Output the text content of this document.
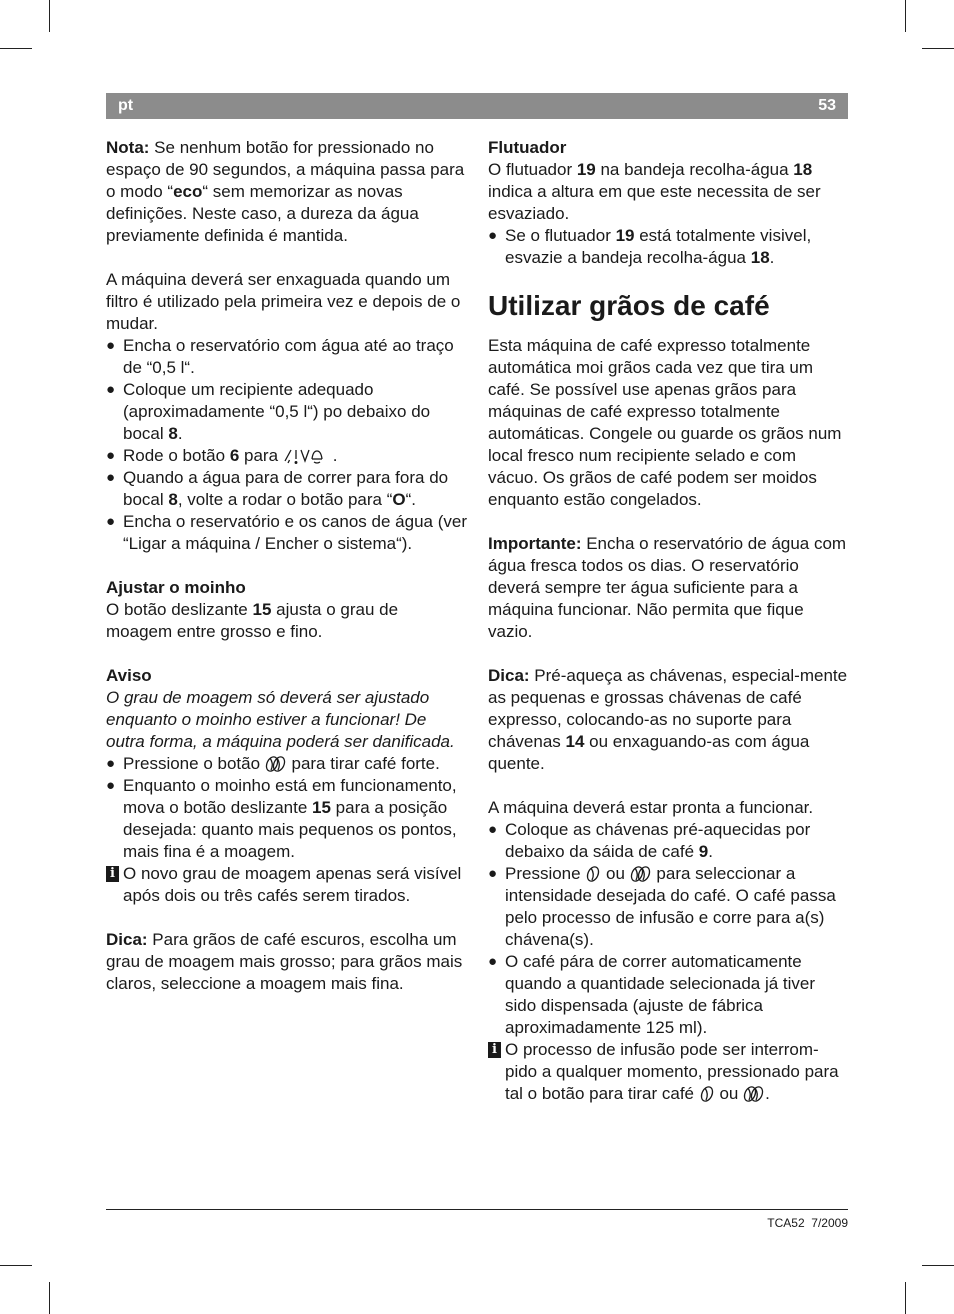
pt	53

Nota: Se nenhum botão for pressionado no espaço de 90 segundos, a máquina passa para o modo “eco“ sem memorizar as novas definições. Neste caso, a dureza da água previamente definida é mantida.

A máquina deverá ser enxaguada quando um filtro é utilizado pela primeira vez e depois de o mudar.

● Encha o reservatório com água até ao traço de “0,5 l“.

● Coloque um recipiente adequado (aproximadamente “0,5 l“) po debaixo do bocal 8.

● Rode o botão 6 para	.

● Quando a água para de correr para fora do bocal 8, volte a rodar o botão para “O“.

● Encha o reservatório e os canos de água (ver “Ligar a máquina / Encher o sistema“).

Ajustar o moinho

O botão deslizante 15 ajusta o grau de moagem entre grosso e fino.

Aviso

O grau de moagem só deverá ser ajustado enquanto o moinho estiver a funcionar! De outra forma, a máquina poderá ser danificada.

● Pressione o botão  para tirar café forte.

● Enquanto o moinho está em funcionamento, mova o botão deslizante 15 para a posição desejada: quanto mais pequenos os pontos, mais fina é a moagem.

i O novo grau de moagem apenas será visível após dois ou três cafés serem tirados.

Dica: Para grãos de café escuros, escolha um grau de moagem mais grosso; para grãos mais claros, seleccione a moagem mais fina.

Flutuador

O flutuador 19 na bandeja recolha-água 18 indica a altura em que este necessita de ser esvaziado.

● Se o flutuador 19 está totalmente visivel, esvazie a bandeja recolha-água 18.

Utilizar grãos de café

Esta máquina de café expresso totalmente automática moi grãos cada vez que tira um café. Se possível use apenas grãos para máquinas de café expresso totalmente automáticas. Congele ou guarde os grãos num local fresco num recipiente selado e com vácuo. Os grãos de café podem ser moidos enquanto estão congelados.

Importante: Encha o reservatório de água com água fresca todos os dias. O reservatório deverá sempre ter água suficiente para a máquina funcionar. Não permita que fique vazio.

Dica: Pré-aqueça as chávenas, especial-mente as pequenas e grossas chávenas de café expresso, colocando-as no suporte para chávenas 14 ou enxaguando-as com água quente.

A máquina deverá estar pronta a funcionar.

● Coloque as chávenas pré-aquecidas por debaixo da sáida de café 9.

● Pressione  ou  para seleccionar a intensidade desejada do café. O café passa pelo processo de infusão e corre para a(s) chávena(s).

● O café pára de correr automaticamente quando a quantidade selecionada já tiver sido dispensada (ajuste de fábrica aproximadamente 125 ml).

i O processo de infusão pode ser interrom-pido a qualquer momento, pressionado para tal o botão para tirar café  ou .

TCA52 7/2009
